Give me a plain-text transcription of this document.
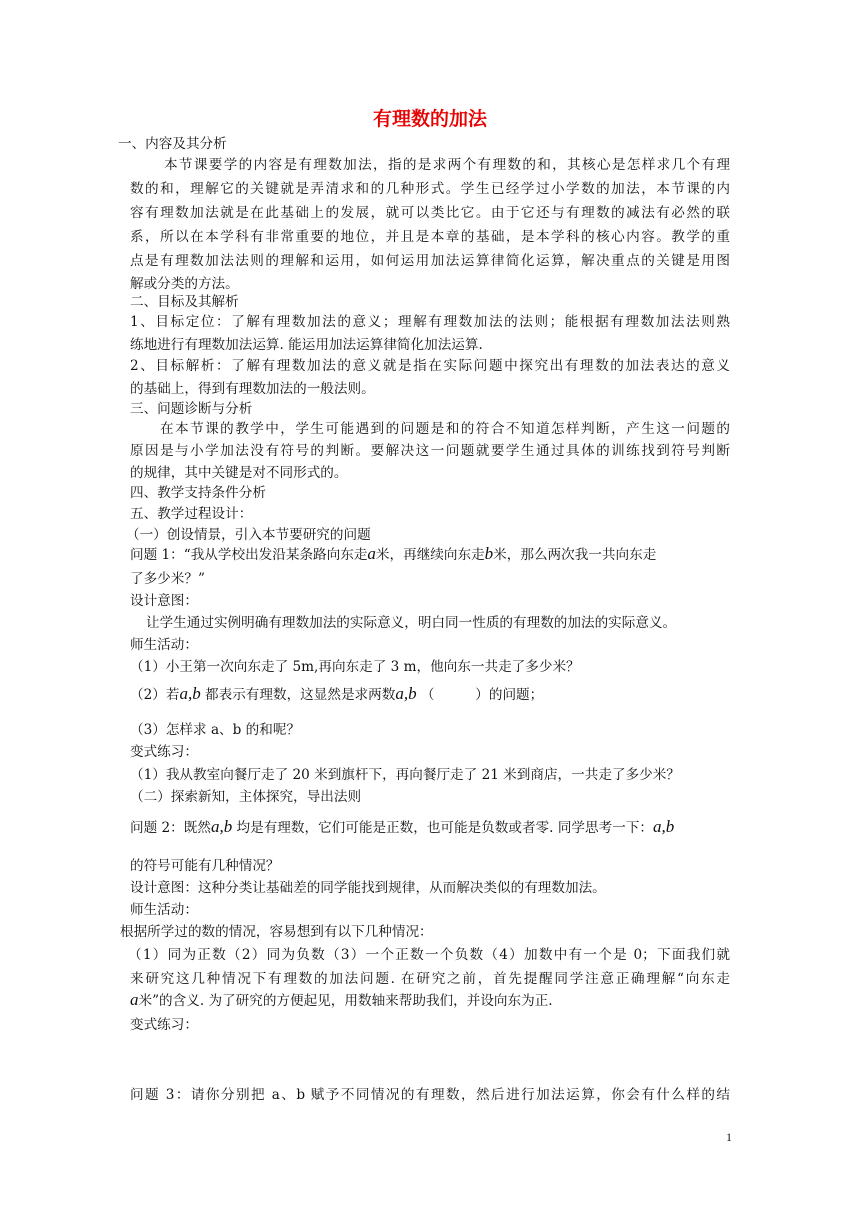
有理数的加法
一、内容及其分析
本节课要学的内容是有理数加法，指的是求两个有理数的和，其核心是怎样求几个有理
数的和，理解它的关键就是弄清求和的几种形式。学生已经学过小学数的加法，本节课的内
容有理数加法就是在此基础上的发展，就可以类比它。由于它还与有理数的减法有必然的联
系，所以在本学科有非常重要的地位，并且是本章的基础，是本学科的核心内容。教学的重
点是有理数加法法则的理解和运用，如何运用加法运算律简化运算，解决重点的关键是用图
解或分类的方法。
二、目标及其解析
1、目标定位：了解有理数加法的意义；理解有理数加法的法则；能根据有理数加法法则熟
练地进行有理数加法运算. 能运用加法运算律简化加法运算.
2、目标解析：了解有理数加法的意义就是指在实际问题中探究出有理数的加法表达的意义
的基础上，得到有理数加法的一般法则。
三、问题诊断与分析
在本节课的教学中，学生可能遇到的问题是和的符合不知道怎样判断，产生这一问题的
原因是与小学加法没有符号的判断。要解决这一问题就要学生通过具体的训练找到符号判断
的规律，其中关键是对不同形式的。
四、教学支持条件分析
五、教学过程设计：
（一）创设情景，引入本节要研究的问题
问题 1：“我从学校出发沿某条路向东走a米，再继续向东走b米，那么两次我一共向东走
了多少米？”
设计意图：
让学生通过实例明确有理数加法的实际意义，明白同一性质的有理数的加法的实际意义。
师生活动：
（1）小王第一次向东走了 5m,再向东走了 3 m，他向东一共走了多少米？
（2）若a,b 都表示有理数，这显然是求两数a,b （　　　）的问题；
（3）怎样求 a、b 的和呢？
变式练习：
（1）我从教室向餐厅走了 20 米到旗杆下，再向餐厅走了 21 米到商店，一共走了多少米？
（二）探索新知，主体探究，导出法则
问题 2：既然a,b 均是有理数，它们可能是正数，也可能是负数或者零. 同学思考一下：a,b
的符号可能有几种情况？
设计意图：这种分类让基础差的同学能找到规律，从而解决类似的有理数加法。
师生活动：
根据所学过的数的情况，容易想到有以下几种情况：
（1）同为正数（2）同为负数（3）一个正数一个负数（4）加数中有一个是 0；下面我们就
来研究这几种情况下有理数的加法问题. 在研究之前，首先提醒同学注意正确理解“向东走
a米”的含义. 为了研究的方便起见，用数轴来帮助我们，并设向东为正.
变式练习：
问题 3：请你分别把 a、b 赋予不同情况的有理数，然后进行加法运算，你会有什么样的结
1
